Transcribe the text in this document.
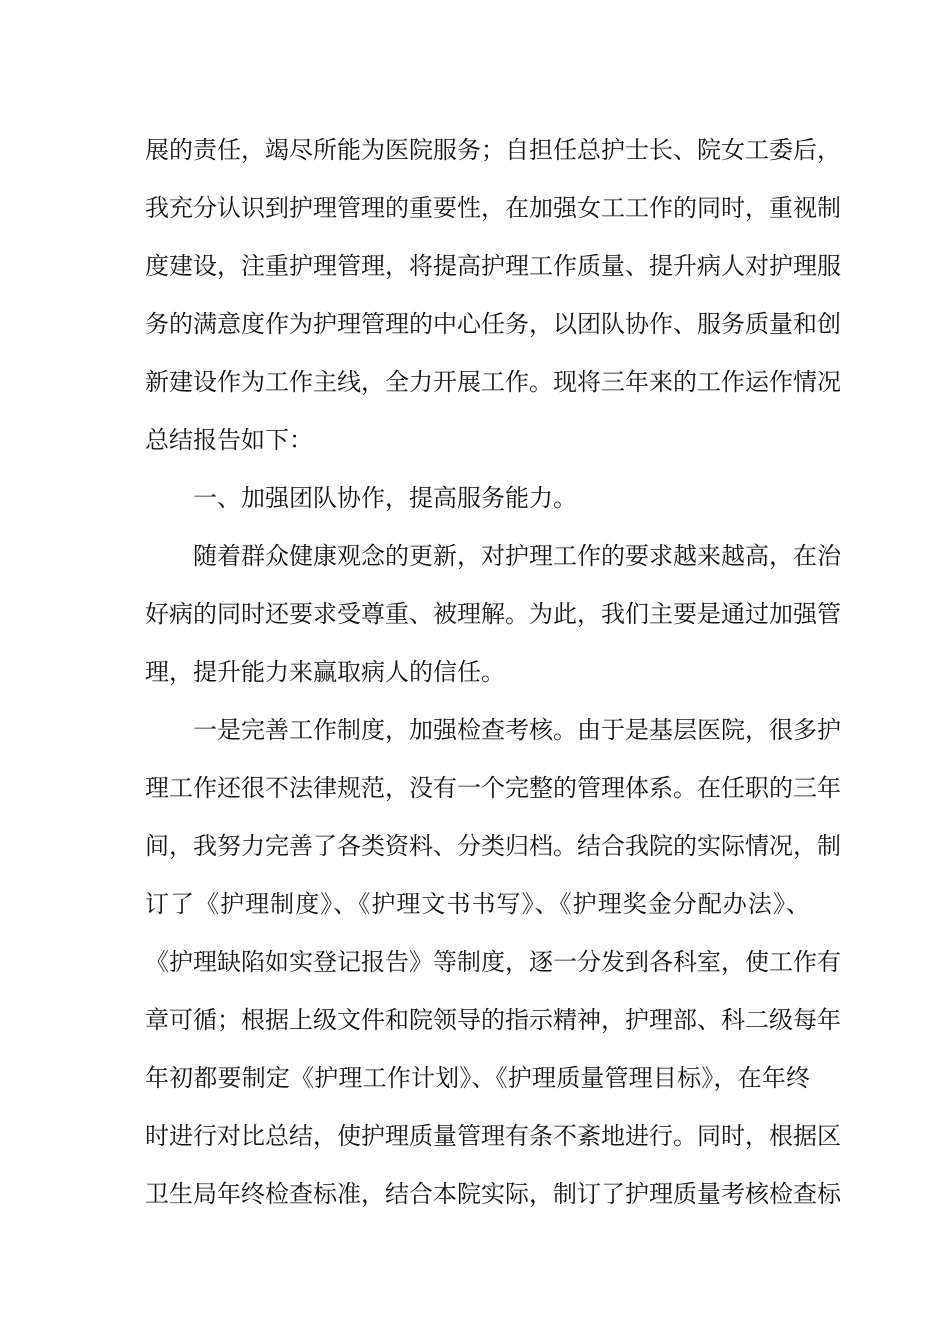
展的责任，竭尽所能为医院服务；自担任总护士长、院女工委后，
我充分认识到护理管理的重要性，在加强女工工作的同时，重视制
度建设，注重护理管理，将提高护理工作质量、提升病人对护理服
务的满意度作为护理管理的中心任务，以团队协作、服务质量和创
新建设作为工作主线，全力开展工作。现将三年来的工作运作情况
总结报告如下：
一、加强团队协作，提高服务能力。
随着群众健康观念的更新，对护理工作的要求越来越高，在治
好病的同时还要求受尊重、被理解。为此，我们主要是通过加强管
理，提升能力来赢取病人的信任。
一是完善工作制度，加强检查考核。由于是基层医院，很多护
理工作还很不法律规范，没有一个完整的管理体系。在任职的三年
间，我努力完善了各类资料、分类归档。结合我院的实际情况，制
订了《护理制度》、《护理文书书写》、《护理奖金分配办法》、
《护理缺陷如实登记报告》等制度，逐一分发到各科室，使工作有
章可循；根据上级文件和院领导的指示精神，护理部、科二级每年
年初都要制定《护理工作计划》、《护理质量管理目标》，在年终
时进行对比总结，使护理质量管理有条不紊地进行。同时，根据区
卫生局年终检查标准，结合本院实际，制订了护理质量考核检查标
